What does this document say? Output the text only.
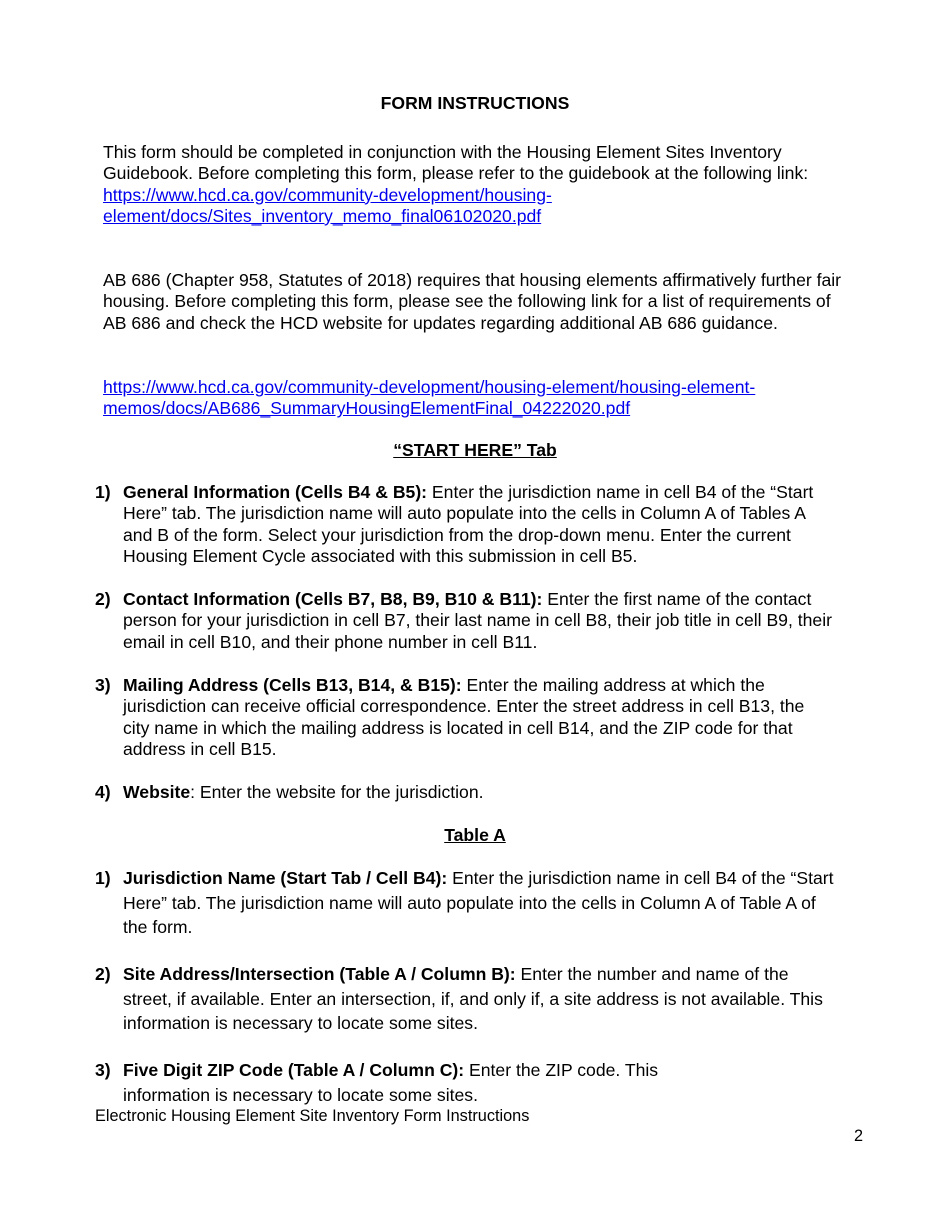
FORM INSTRUCTIONS

This form should be completed in conjunction with the Housing Element Sites Inventory Guidebook. Before completing this form, please refer to the guidebook at the following link:
https://www.hcd.ca.gov/community-development/housing-
element/docs/Sites_inventory_memo_final06102020.pdf

AB 686 (Chapter 958, Statutes of 2018) requires that housing elements affirmatively further fair housing. Before completing this form, please see the following link for a list of requirements of AB 686 and check the HCD website for updates regarding additional AB 686 guidance.

https://www.hcd.ca.gov/community-development/housing-element/housing-element-
memos/docs/AB686_SummaryHousingElementFinal_04222020.pdf
“START HERE” Tab
1) General Information (Cells B4 & B5): Enter the jurisdiction name in cell B4 of the “Start Here” tab. The jurisdiction name will auto populate into the cells in Column A of Tables A and B of the form. Select your jurisdiction from the drop-down menu. Enter the current Housing Element Cycle associated with this submission in cell B5.
2) Contact Information (Cells B7, B8, B9, B10 & B11): Enter the first name of the contact person for your jurisdiction in cell B7, their last name in cell B8, their job title in cell B9, their email in cell B10, and their phone number in cell B11.
3) Mailing Address (Cells B13, B14, & B15): Enter the mailing address at which the jurisdiction can receive official correspondence. Enter the street address in cell B13, the city name in which the mailing address is located in cell B14, and the ZIP code for that address in cell B15.
4) Website: Enter the website for the jurisdiction.
Table A
1) Jurisdiction Name (Start Tab / Cell B4): Enter the jurisdiction name in cell B4 of the “Start Here” tab. The jurisdiction name will auto populate into the cells in Column A of Table A of the form.
2) Site Address/Intersection (Table A / Column B): Enter the number and name of the street, if available. Enter an intersection, if, and only if, a site address is not available. This information is necessary to locate some sites.
3) Five Digit ZIP Code (Table A / Column C): Enter the ZIP code. This information is necessary to locate some sites.
Electronic Housing Element Site Inventory Form Instructions
2
